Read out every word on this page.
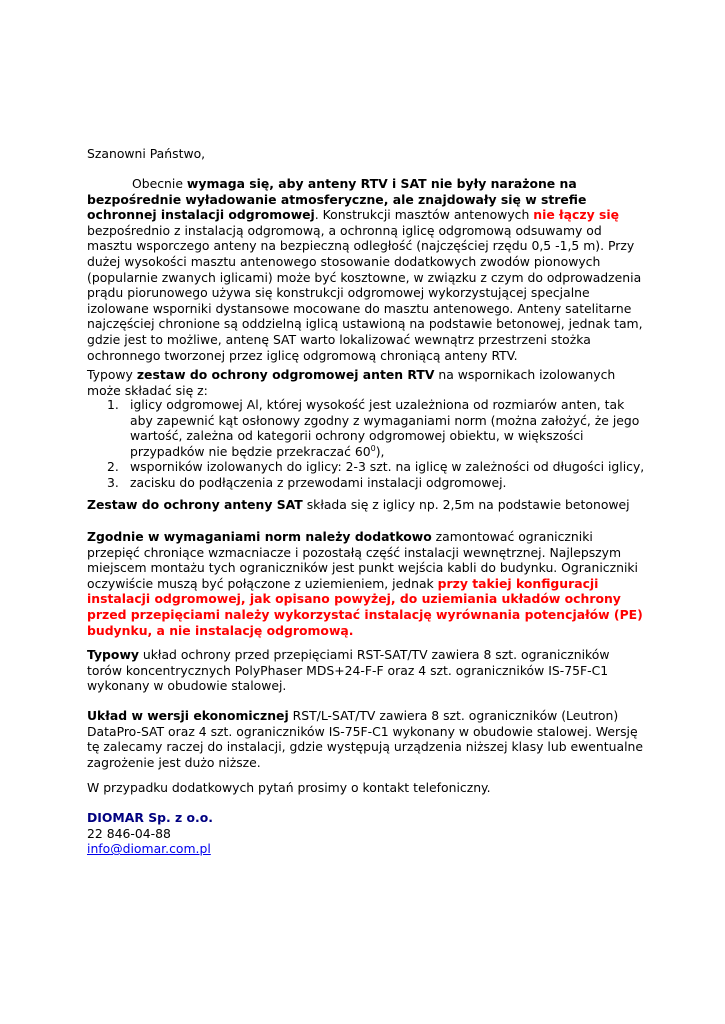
Szanowni Państwo,

Obecnie wymaga się, aby anteny RTV i SAT nie były narażone na bezpośrednie wyładowanie atmosferyczne, ale znajdowały się w strefie ochronnej instalacji odgromowej. Konstrukcji masztów antenowych nie łączy się bezpośrednio z instalacją odgromową, a ochronną iglicę odgromową odsuwamy od masztu wsporczego anteny na bezpieczną odległość (najczęściej rzędu 0,5 -1,5 m). Przy dużej wysokości masztu antenowego stosowanie dodatkowych zwodów pionowych (popularnie zwanych iglicami) może być kosztowne, w związku z czym do odprowadzenia prądu piorunowego używa się konstrukcji odgromowej wykorzystującej specjalne izolowane wsporniki dystansowe mocowane do masztu antenowego. Anteny satelitarne najczęściej chronione są oddzielną iglicą ustawioną na podstawie betonowej, jednak tam, gdzie jest to możliwe, antenę SAT warto lokalizować wewnątrz przestrzeni stożka ochronnego tworzonej przez iglicę odgromową chroniącą anteny RTV.

Typowy zestaw do ochrony odgromowej anten RTV na wspornikach izolowanych może składać się z:

1. iglicy odgromowej Al, której wysokość jest uzależniona od rozmiarów anten, tak aby zapewnić kąt osłonowy zgodny z wymaganiami norm (można założyć, że jego wartość, zależna od kategorii ochrony odgromowej obiektu, w większości przypadków nie będzie przekraczać $60^0$),
2. wsporników izolowanych do iglicy: 2-3 szt. na iglicę w zależności od długości iglicy,
3. zacisku do podłączenia z przewodami instalacji odgromowej.

Zestaw do ochrony anteny SAT składa się z iglicy np. 2,5m na podstawie betonowej

Zgodnie w wymaganiami norm należy dodatkowo zamontować ograniczniki przepięć chroniące wzmacniacze i pozostałą część instalacji wewnętrznej. Najlepszym miejscem montażu tych ograniczników jest punkt wejścia kabli do budynku. Ograniczniki oczywiście muszą być połączone z uziemieniem, jednak przy takiej konfiguracji instalacji odgromowej, jak opisano powyżej, do uziemiania układów ochrony przed przepięciami należy wykorzystać instalację wyrównania potencjałów (PE) budynku, a nie instalację odgromową.

Typowy układ ochrony przed przepięciami RST-SAT/TV zawiera 8 szt. ograniczników torów koncentrycznych PolyPhaser MDS+24-F-F oraz 4 szt. ograniczników IS-75F-C1 wykonany w obudowie stalowej.

Układ w wersji ekonomicznej RST/L-SAT/TV zawiera 8 szt. ograniczników (Leutron) DataPro-SAT oraz 4 szt. ograniczników IS-75F-C1 wykonany w obudowie stalowej. Wersję tę zalecamy raczej do instalacji, gdzie występują urządzenia niższej klasy lub ewentualne zagrożenie jest dużo niższe.

W przypadku dodatkowych pytań prosimy o kontakt telefoniczny.

DIOMAR Sp. z o.o.
22 846-04-88
info@diomar.com.pl
